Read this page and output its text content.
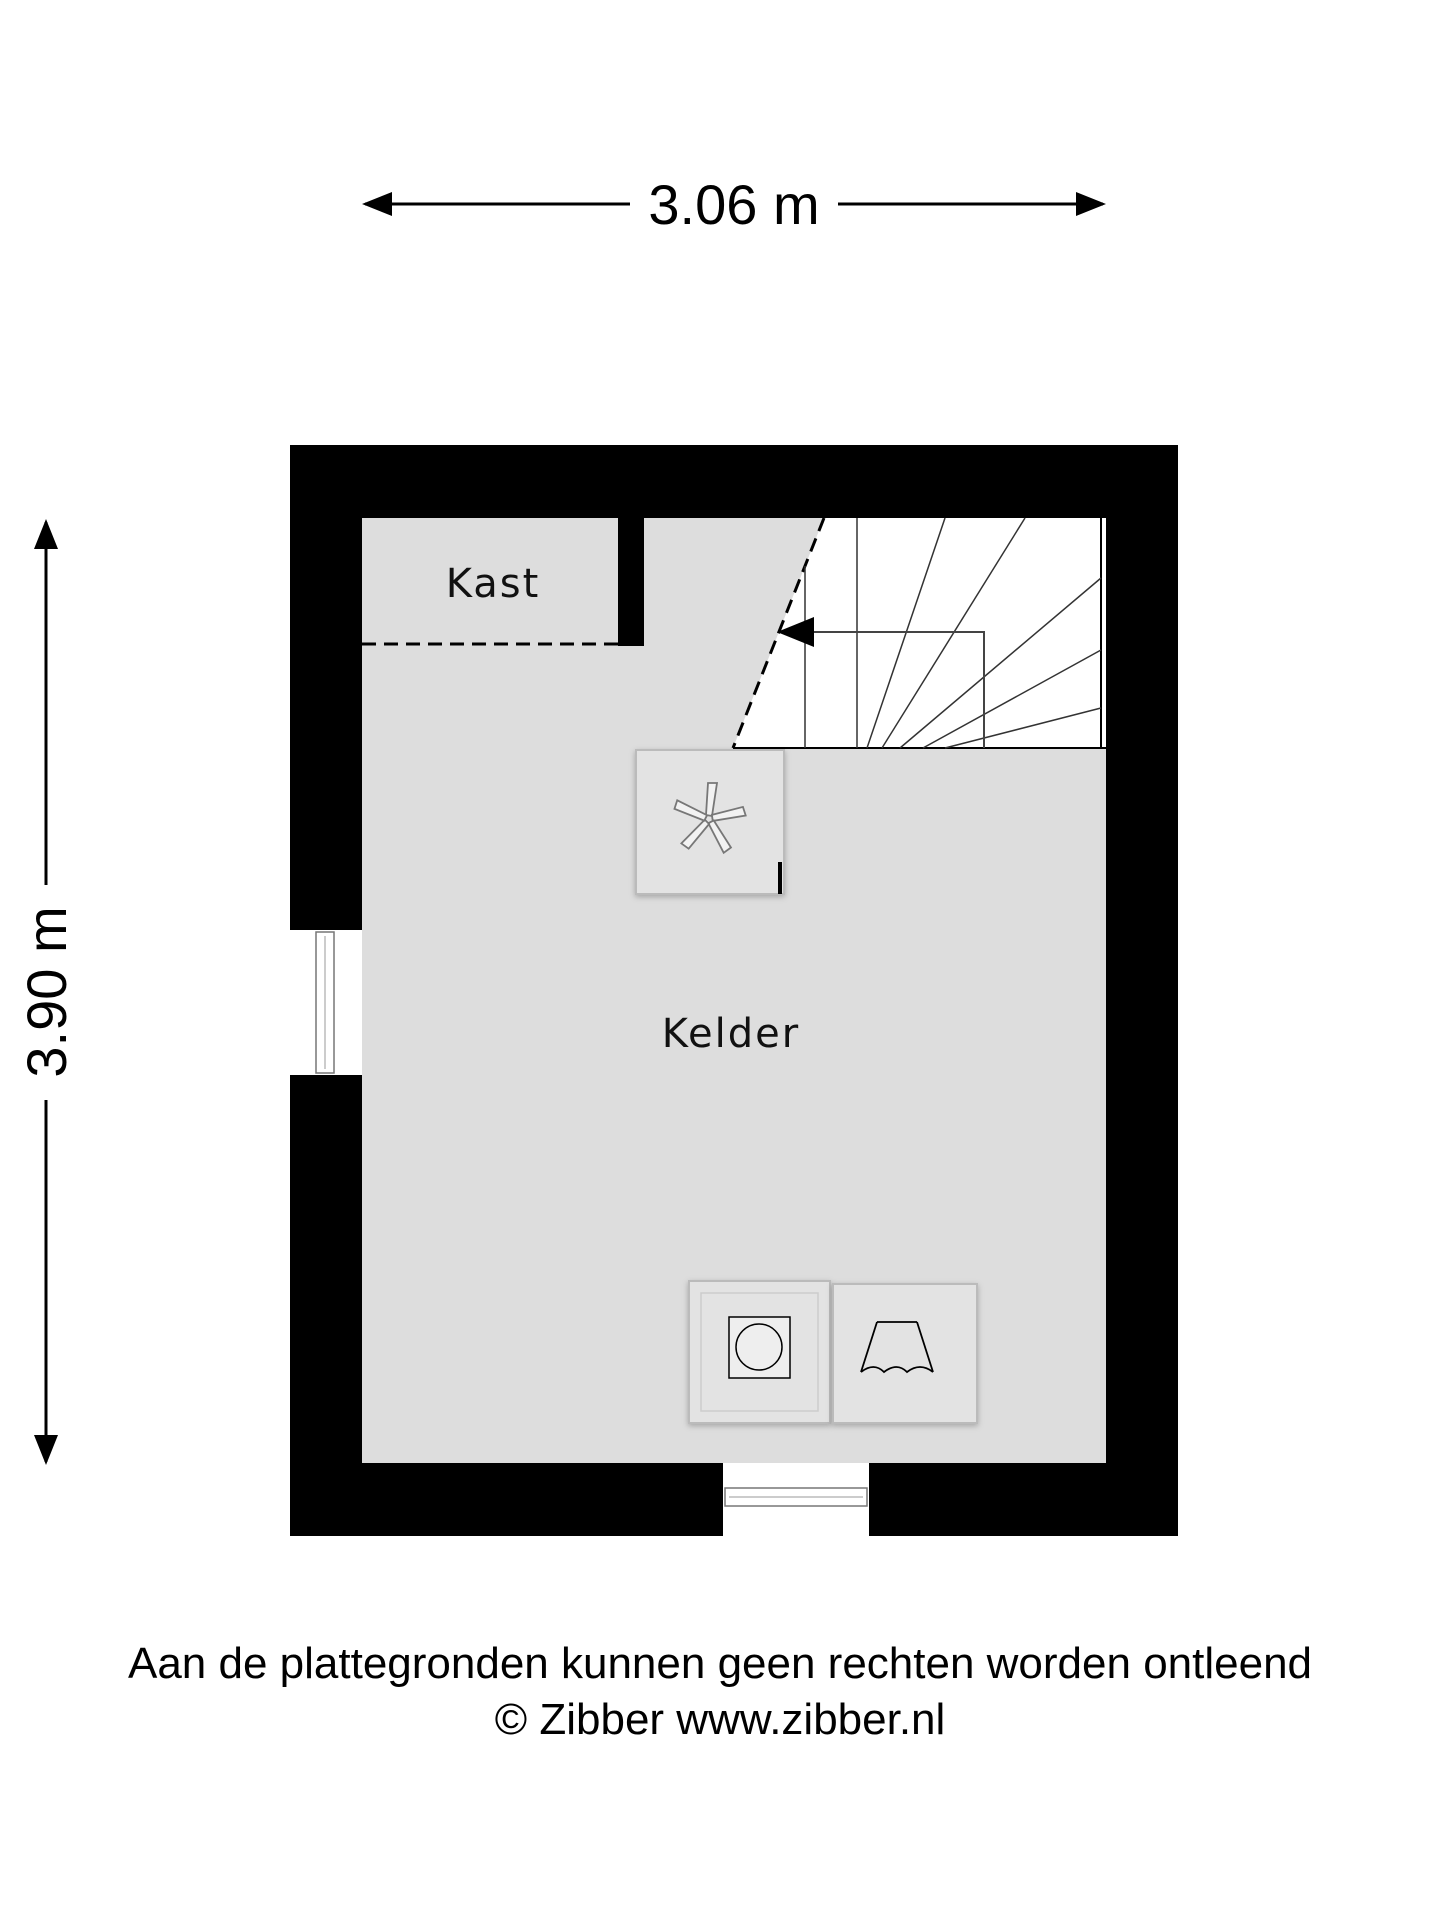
3.06 m
3.90 m
Kast
Kelder
Aan de plattegronden kunnen geen rechten worden ontleend
© Zibber www.zibber.nl
